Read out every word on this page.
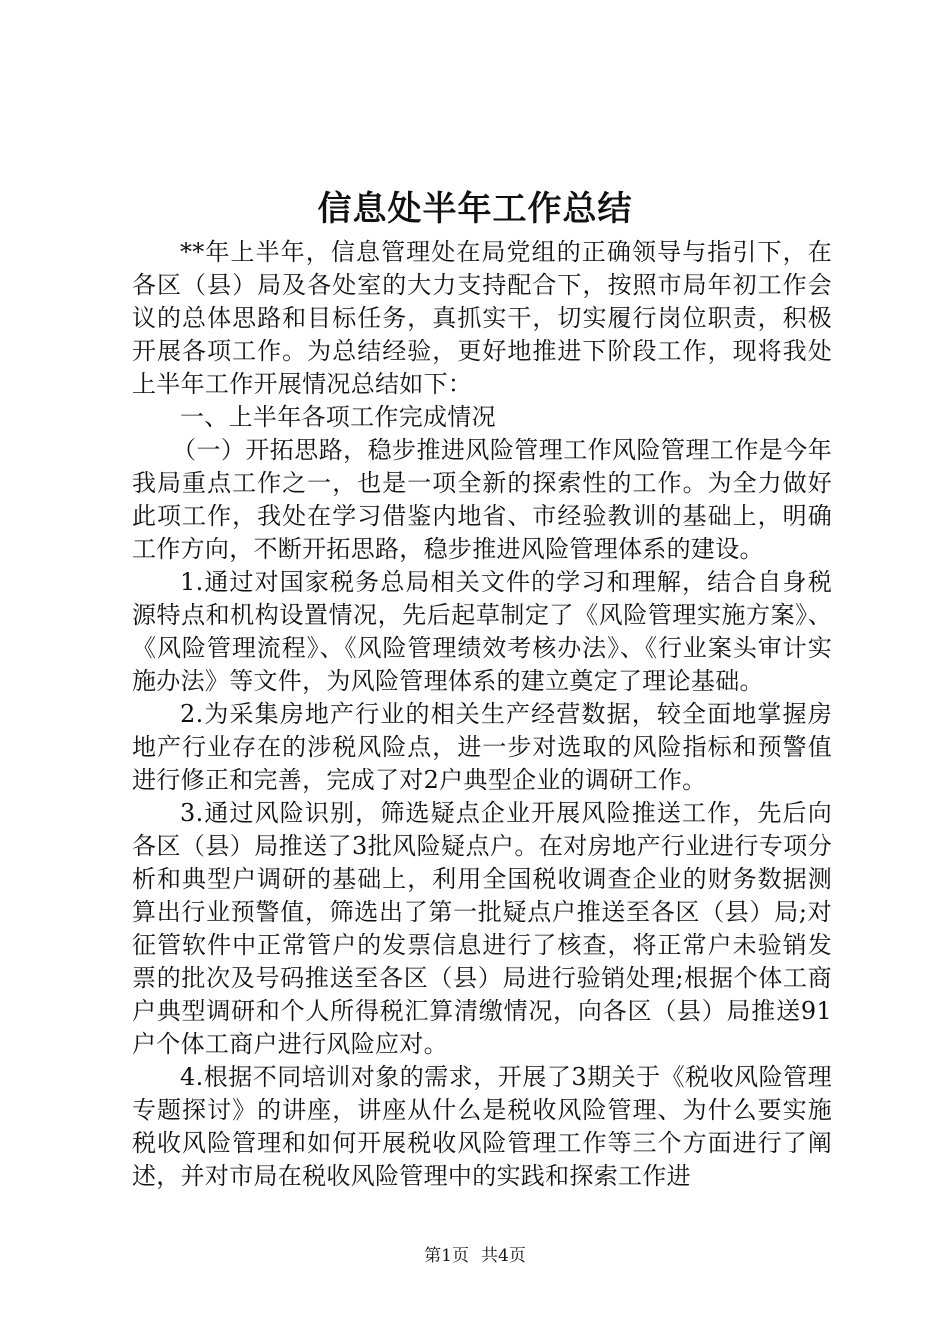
信息处半年工作总结

**年上半年，信息管理处在局党组的正确领导与指引下，在各区（县）局及各处室的大力支持配合下，按照市局年初工作会议的总体思路和目标任务，真抓实干，切实履行岗位职责，积极开展各项工作。为总结经验，更好地推进下阶段工作，现将我处上半年工作开展情况总结如下：

一、上半年各项工作完成情况

（一）开拓思路，稳步推进风险管理工作风险管理工作是今年我局重点工作之一，也是一项全新的探索性的工作。为全力做好此项工作，我处在学习借鉴内地省、市经验教训的基础上，明确工作方向，不断开拓思路，稳步推进风险管理体系的建设。

1.通过对国家税务总局相关文件的学习和理解，结合自身税源特点和机构设置情况，先后起草制定了《风险管理实施方案》、《风险管理流程》、《风险管理绩效考核办法》、《行业案头审计实施办法》等文件，为风险管理体系的建立奠定了理论基础。

2.为采集房地产行业的相关生产经营数据，较全面地掌握房地产行业存在的涉税风险点，进一步对选取的风险指标和预警值进行修正和完善，完成了对2户典型企业的调研工作。

3.通过风险识别，筛选疑点企业开展风险推送工作，先后向各区（县）局推送了3批风险疑点户。在对房地产行业进行专项分析和典型户调研的基础上，利用全国税收调查企业的财务数据测算出行业预警值，筛选出了第一批疑点户推送至各区（县）局;对征管软件中正常管户的发票信息进行了核查，将正常户未验销发票的批次及号码推送至各区（县）局进行验销处理;根据个体工商户典型调研和个人所得税汇算清缴情况，向各区（县）局推送91户个体工商户进行风险应对。

4.根据不同培训对象的需求，开展了3期关于《税收风险管理专题探讨》的讲座，讲座从什么是税收风险管理、为什么要实施税收风险管理和如何开展税收风险管理工作等三个方面进行了阐述，并对市局在税收风险管理中的实践和探索工作进

第1页 共4页
